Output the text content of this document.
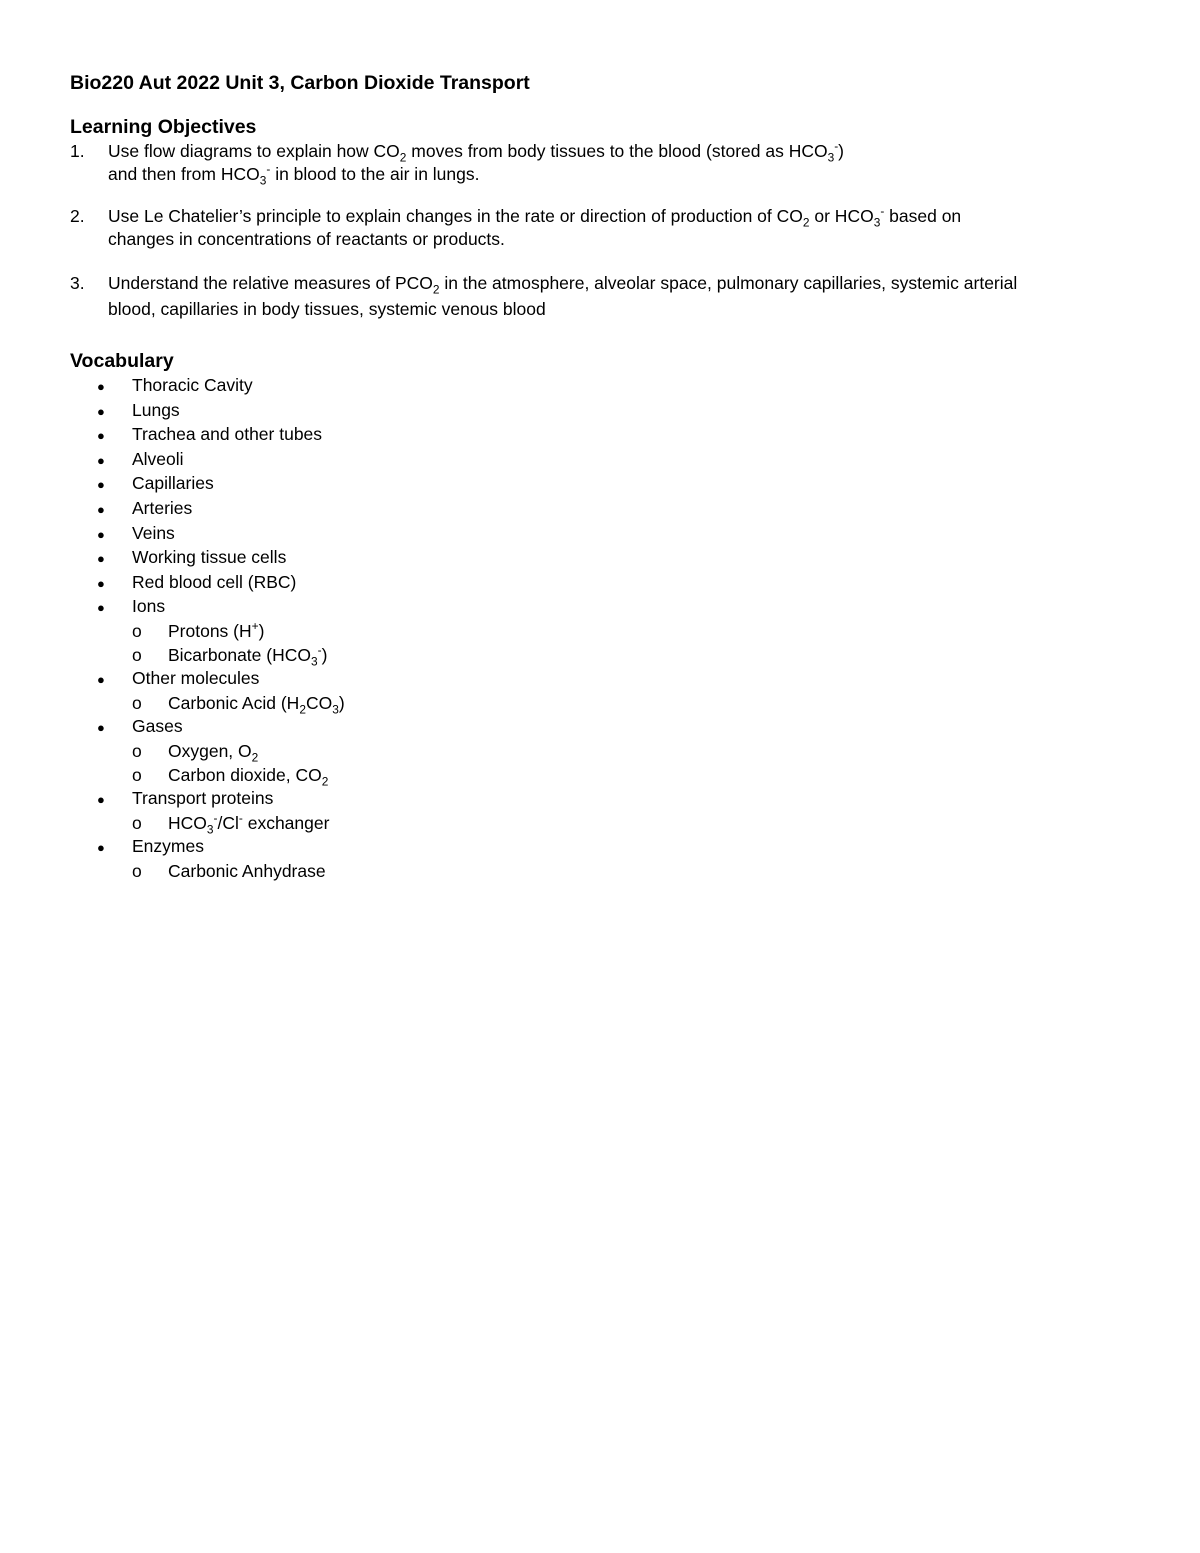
Bio220 Aut 2022 Unit 3, Carbon Dioxide Transport
Learning Objectives
1.	Use flow diagrams to explain how $CO_2$ moves from body tissues to the blood (stored as $HCO_3^-$)
and then from $HCO_3^-$ in blood to the air in lungs.
2.	Use Le Chatelier’s principle to explain changes in the rate or direction of production of $CO_2$ or $HCO_3^-$ based on
changes in concentrations of reactants or products.
3.	Understand the relative measures of $PCO_2$ in the atmosphere, alveolar space, pulmonary capillaries, systemic arterial
blood, capillaries in body tissues, systemic venous blood
Vocabulary
●	Thoracic Cavity
●	Lungs
●	Trachea and other tubes
●	Alveoli
●	Capillaries
●	Arteries
●	Veins
●	Working tissue cells
●	Red blood cell (RBC)
●	Ions
o	Protons (H+)
o	Bicarbonate $(HCO_3^-)$
●	Other molecules
o	Carbonic Acid $(H_2CO_3)$
●	Gases
o	Oxygen, $O_2$
o	Carbon dioxide, $CO_2$
●	Transport proteins
o	$HCO_3^-/Cl^-$ exchanger
●	Enzymes
o	Carbonic Anhydrase
